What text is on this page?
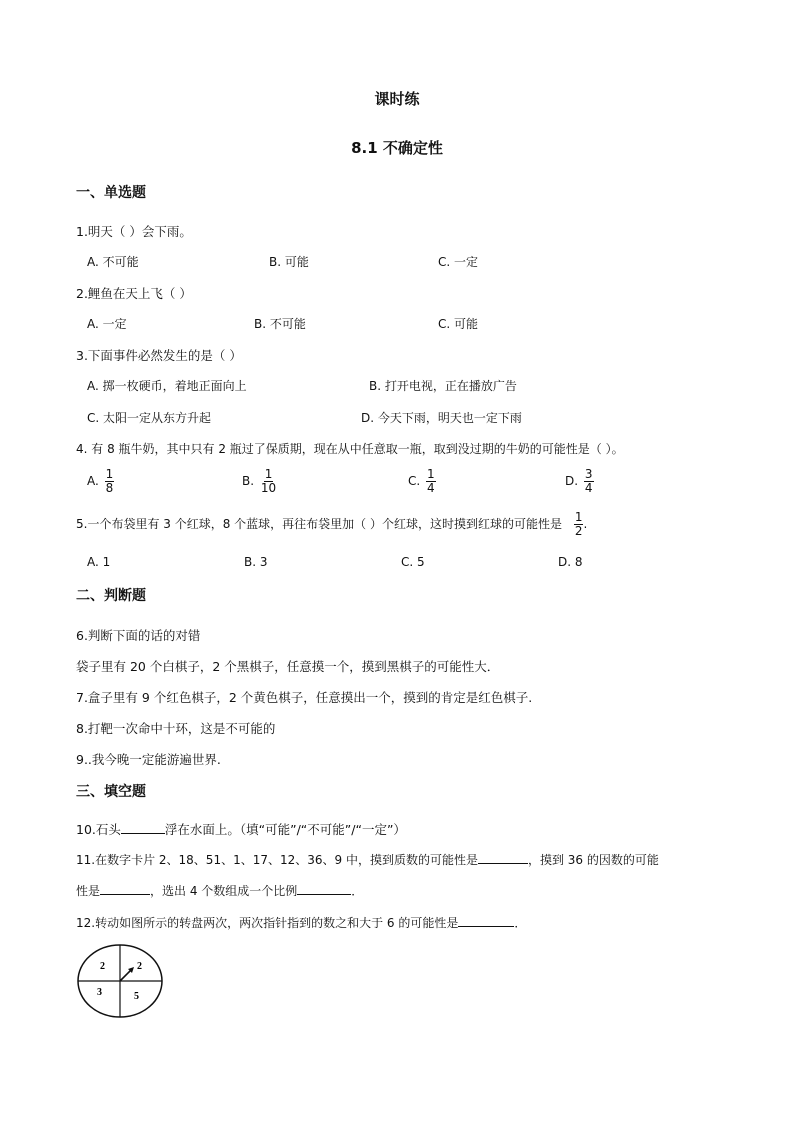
课时练
8.1 不确定性
一、单选题
1.明天（ ）会下雨。
A. 不可能	B. 可能	C. 一定
2.鲤鱼在天上飞（ ）
A. 一定	B. 不可能	C. 可能
3.下面事件必然发生的是（ ）
A. 掷一枚硬币，着地正面向上	B. 打开电视，正在播放广告
C. 太阳一定从东方升起	D. 今天下雨，明天也一定下雨
4. 有 8 瓶牛奶，其中只有 2 瓶过了保质期，现在从中任意取一瓶，取到没过期的牛奶的可能性是（ ）。
A. $\frac{1}{8}$	B. $\frac{1}{10}$	C. $\frac{1}{4}$	D. $\frac{3}{4}$
5.一个布袋里有 3 个红球，8 个蓝球，再往布袋里加（ ）个红球，这时摸到红球的可能性是 $\frac{1}{2}$ .
A. 1	B. 3	C. 5	D. 8
二、判断题
6.判断下面的话的对错
袋子里有 20 个白棋子，2 个黑棋子，任意摸一个，摸到黑棋子的可能性大．
7.盒子里有 9 个红色棋子，2 个黄色棋子，任意摸出一个，摸到的肯定是红色棋子.
8.打靶一次命中十环，这是不可能的
9..我今晚一定能游遍世界.
三、填空题
10.石头	浮在水面上。（填“可能”/“不可能”/“一定”）
11.在数字卡片 2、18、51、1、17、12、36、9 中，摸到质数的可能性是	，摸到 36 的因数的可能
性是	，选出 4 个数组成一个比例	．
12.转动如图所示的转盘两次，两次指针指到的数之和大于 6 的可能性是	．
2	2
3	5
